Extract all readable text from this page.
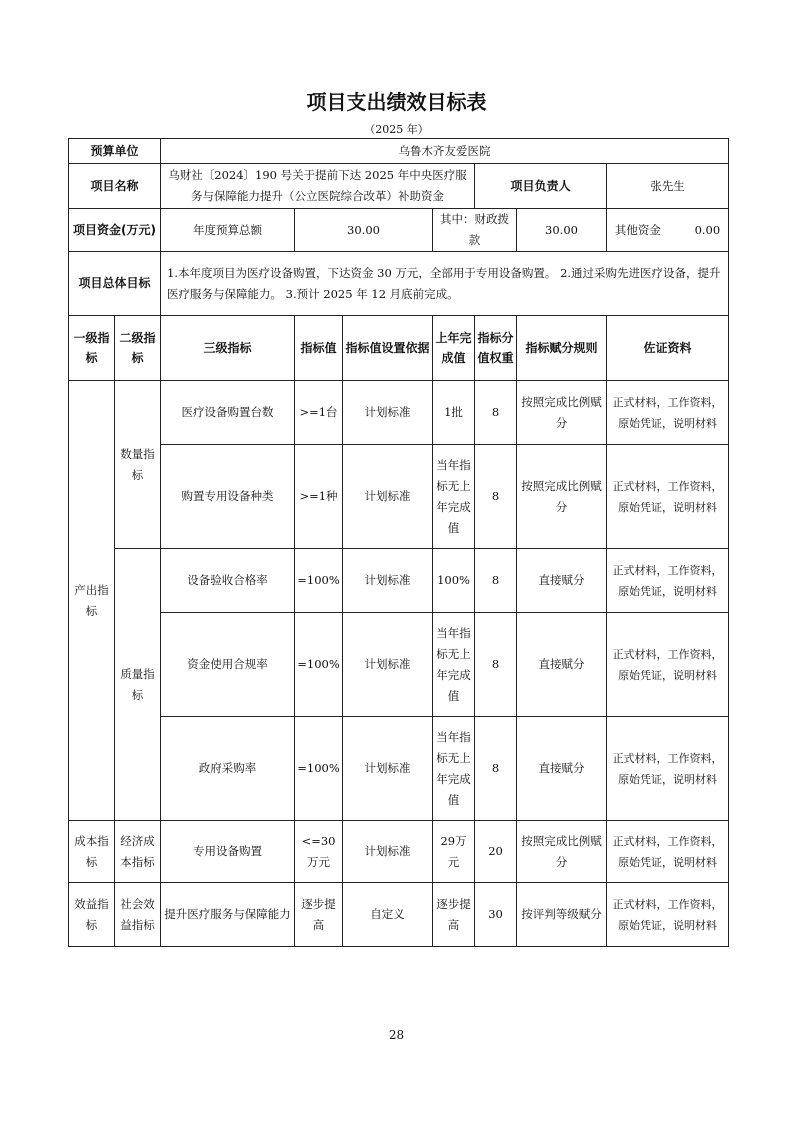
项目支出绩效目标表
（2025 年）
预算单位		乌鲁木齐友爱医院						
项目名称		乌财社〔2024〕190 号关于提前下达 2025 年中央医疗服务与保障能力提升（公立医院综合改革）补助资金				项目负责人		张先生
项目资金(万元)		年度预算总额	30.00		其中：财政拨款		30.00	其他资金 0.00
项目总体目标		1.本年度项目为医疗设备购置，下达资金 30 万元，全部用于专用设备购置。 2.通过采购先进医疗设备，提升医疗服务与保障能力。 3.预计 2025 年 12 月底前完成。						
一级指标	二级指标	三级指标	指标值	指标值设置依据	上年完成值	指标分值权重	指标赋分规则	佐证资料
产出指标	数量指标	医疗设备购置台数	>=1台	计划标准	1批	8	按照完成比例赋分	正式材料，工作资料，原始凭证，说明材料
		购置专用设备种类	>=1种	计划标准	当年指标无上年完成值	8	按照完成比例赋分	正式材料，工作资料，原始凭证，说明材料
	质量指标	设备验收合格率	=100%	计划标准	100%	8	直接赋分	正式材料，工作资料，原始凭证，说明材料
		资金使用合规率	=100%	计划标准	当年指标无上年完成值	8	直接赋分	正式材料，工作资料，原始凭证，说明材料
		政府采购率	=100%	计划标准	当年指标无上年完成值	8	直接赋分	正式材料，工作资料，原始凭证，说明材料
成本指标	经济成本指标	专用设备购置	<=30万元	计划标准	29万元	20	按照完成比例赋分	正式材料，工作资料，原始凭证，说明材料
效益指标	社会效益指标	提升医疗服务与保障能力	逐步提高	自定义	逐步提高	30	按评判等级赋分	正式材料，工作资料，原始凭证，说明材料
28
